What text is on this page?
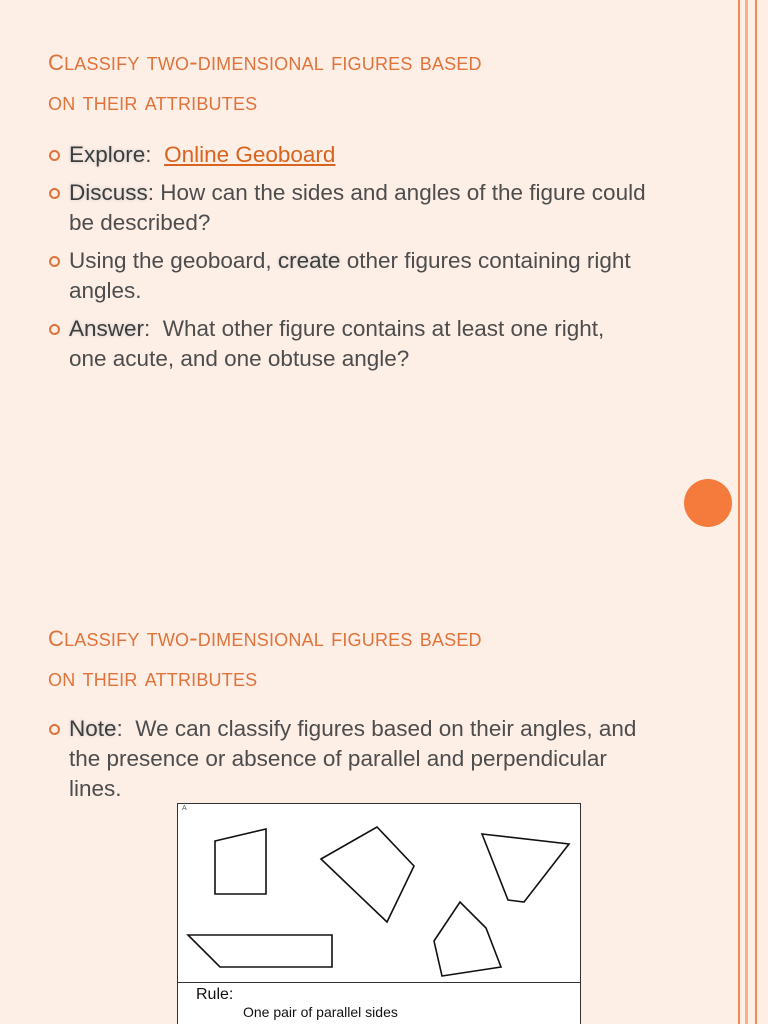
classify two-dimensional figures based
on their attributes
Explore:  Online Geoboard
Discuss: How can the sides and angles of the figure could be described?
Using the geoboard, create other figures containing right angles.
Answer:  What other figure contains at least one right, one acute, and one obtuse angle?
classify two-dimensional figures based
on their attributes
Note:  We can classify figures based on their angles, and the presence or absence of parallel and perpendicular lines.
A
Rule:
One pair of parallel sides
